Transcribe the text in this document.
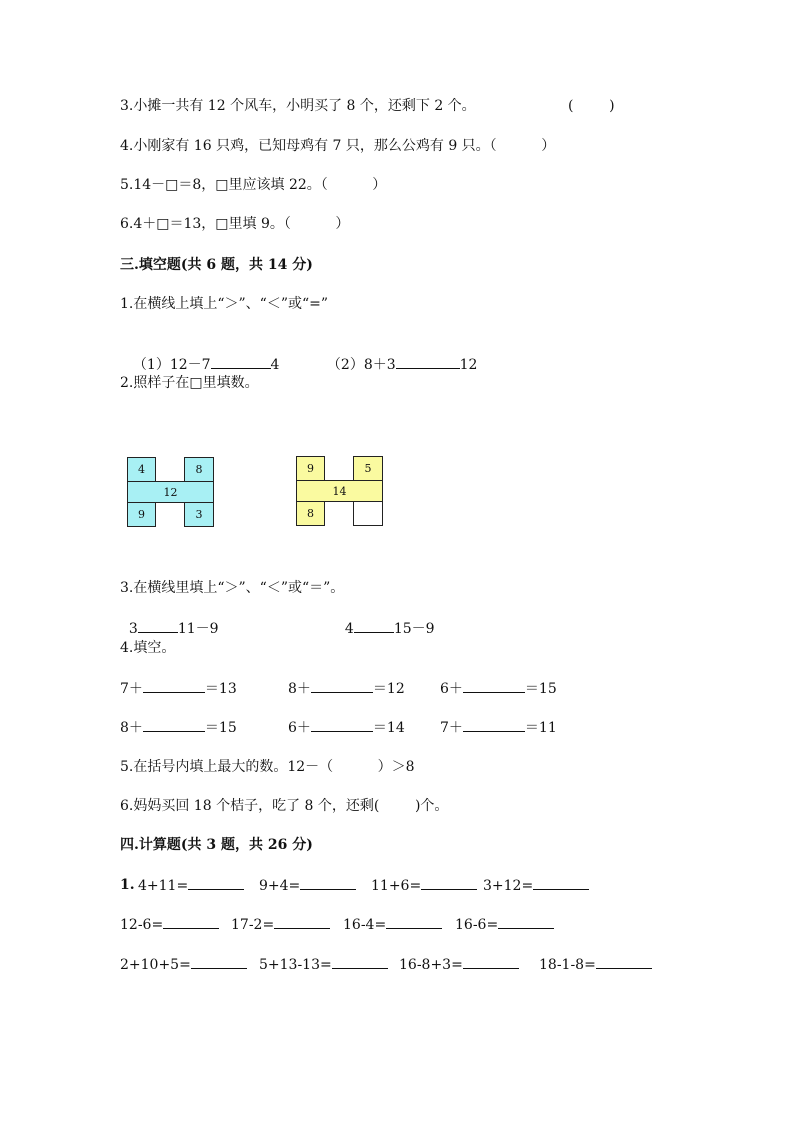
3.小摊一共有 12 个风车，小明买了 8 个，还剩下 2 个。	(        )
4.小刚家有 16 只鸡，已知母鸡有 7 只，那么公鸡有 9 只。（          ）
5.14－□＝8，□里应该填 22。（          ）
6.4＋□＝13，□里填 9。（          ）
三.填空题(共 6 题，共 14 分)
1.在横线上填上“＞”、“＜”或“=”

（1）12－7	4	（2）8＋3	12

2.照样子在□里填数。
4	8
12
9	3
9	5
14
8
3.在横线里填上“＞”、“＜”或“＝”。

3	11－9	4	15－9

4.填空。
7＋	＝13	8＋	＝12	6＋	＝15
8＋	＝15	6＋	＝14	7＋	＝11
5.在括号内填上最大的数。12－（          ）＞8
6.妈妈买回 18 个桔子，吃了 8 个，还剩(        )个。
四.计算题(共 3 题，共 26 分)
1. 4+11=	9+4=	11+6=	3+12=
12-6=	17-2=	16-4=	16-6=
2+10+5=	5+13-13=	16-8+3=	18-1-8=
